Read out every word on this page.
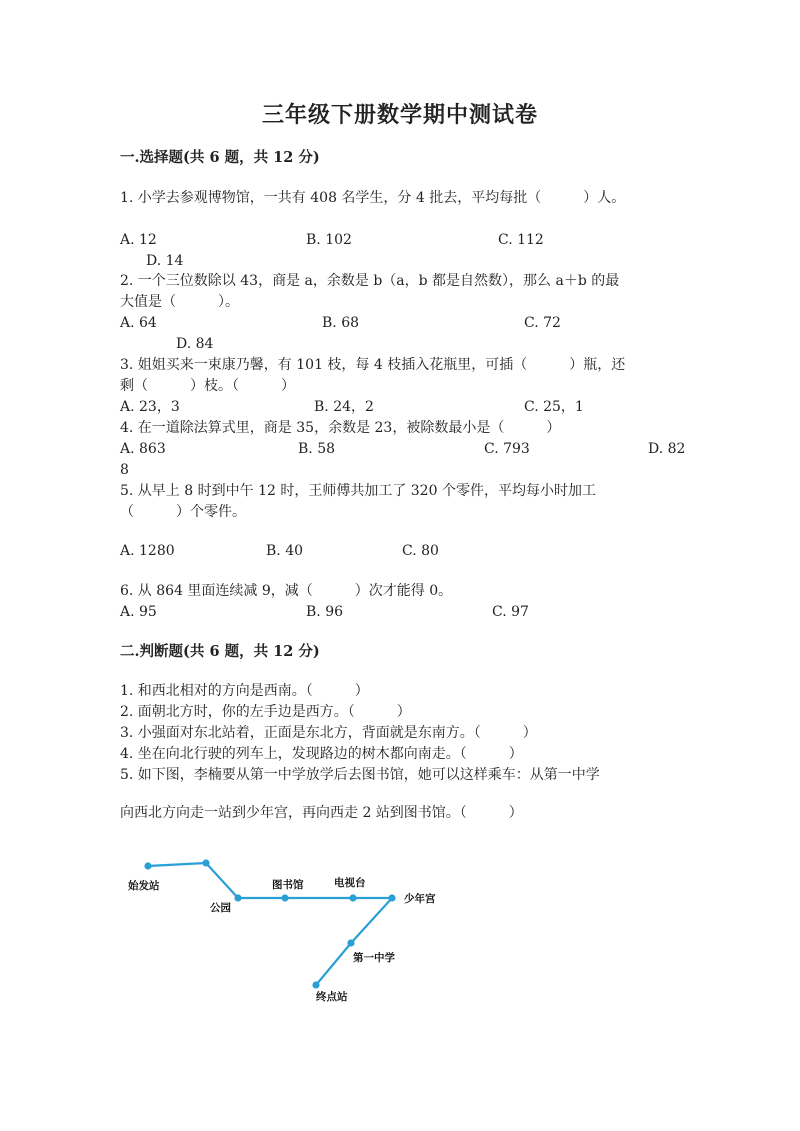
三年级下册数学期中测试卷
一.选择题(共 6 题，共 12 分)
1. 小学去参观博物馆，一共有 408 名学生，分 4 批去，平均每批（　　　）人。
A. 12	B. 102	C. 112
D. 14
2. 一个三位数除以 43，商是 a，余数是 b（a，b 都是自然数），那么 a＋b 的最
大值是（　　　）。
A. 64	B. 68	C. 72
D. 84
3. 姐姐买来一束康乃馨，有 101 枝，每 4 枝插入花瓶里，可插（　　　）瓶，还
剩（　　　）枝。（　　　）
A. 23，3	B. 24，2	C. 25，1
4. 在一道除法算式里，商是 35，余数是 23，被除数最小是（　　　）
A. 863	B. 58	C. 793	D. 82
8
5. 从早上 8 时到中午 12 时，王师傅共加工了 320 个零件，平均每小时加工
（　　　）个零件。
A. 1280	B. 40	C. 80
6. 从 864 里面连续减 9，减（　　　）次才能得 0。
A. 95	B. 96	C. 97
二.判断题(共 6 题，共 12 分)
1. 和西北相对的方向是西南。（　　　）
2. 面朝北方时，你的左手边是西方。（　　　）
3. 小强面对东北站着，正面是东北方，背面就是东南方。（　　　）
4. 坐在向北行驶的列车上，发现路边的树木都向南走。（　　　）
5. 如下图，李楠要从第一中学放学后去图书馆，她可以这样乘车：从第一中学
向西北方向走一站到少年宫，再向西走 2 站到图书馆。（　　　）
始发站
公园
图书馆	电视台
少年宫
第一中学
终点站
